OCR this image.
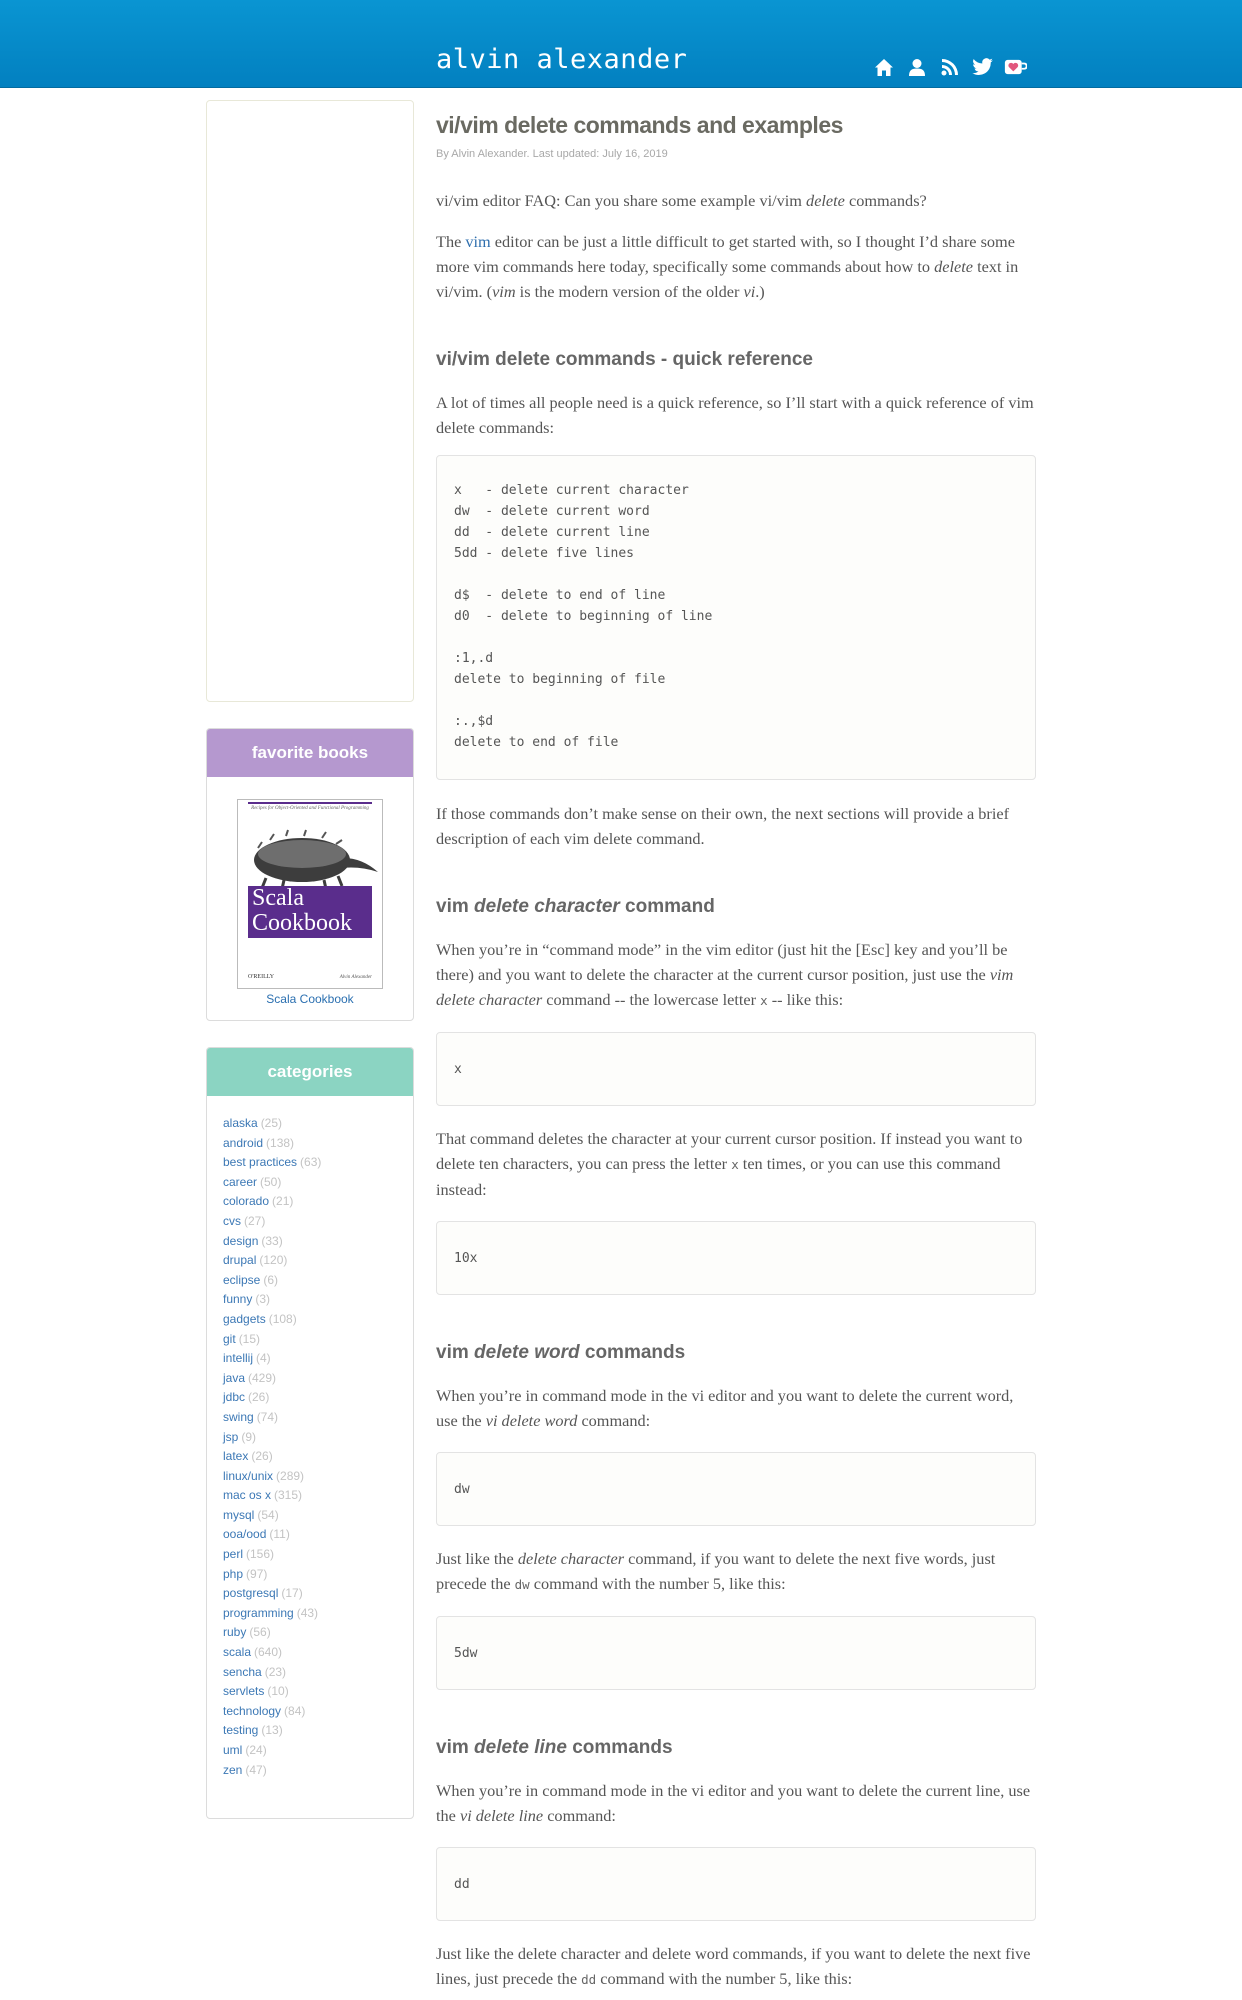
alvin alexander
favorite books
Recipes for Object-Oriented and Functional Programming
Scala Cookbook
O'REILLY	Alvin Alexander
Scala Cookbook
categories
alaska (25)
android (138)
best practices (63)
career (50)
colorado (21)
cvs (27)
design (33)
drupal (120)
eclipse (6)
funny (3)
gadgets (108)
git (15)
intellij (4)
java (429)
jdbc (26)
swing (74)
jsp (9)
latex (26)
linux/unix (289)
mac os x (315)
mysql (54)
ooa/ood (11)
perl (156)
php (97)
postgresql (17)
programming (43)
ruby (56)
scala (640)
sencha (23)
servlets (10)
technology (84)
testing (13)
uml (24)
zen (47)
vi/vim delete commands and examples
By Alvin Alexander. Last updated: July 16, 2019

vi/vim editor FAQ: Can you share some example vi/vim delete commands?

The vim editor can be just a little difficult to get started with, so I thought I’d share some more vim commands here today, specifically some commands about how to delete text in vi/vim. (vim is the modern version of the older vi.)

vi/vim delete commands - quick reference

A lot of times all people need is a quick reference, so I’ll start with a quick reference of vim delete commands:

x   - delete current character
dw  - delete current word
dd  - delete current line
5dd - delete five lines
d$  - delete to end of line
d0  - delete to beginning of line
:1,.d
delete to beginning of file
:.,$d
delete to end of file

If those commands don’t make sense on their own, the next sections will provide a brief description of each vim delete command.

vim delete character command

When you’re in “command mode” in the vim editor (just hit the [Esc] key and you’ll be there) and you want to delete the character at the current cursor position, just use the vim delete character command -- the lowercase letter x -- like this:

x

That command deletes the character at your current cursor position. If instead you want to delete ten characters, you can press the letter x ten times, or you can use this command instead:

10x
vim delete word commands

When you’re in command mode in the vi editor and you want to delete the current word, use the vi delete word command:

dw

Just like the delete character command, if you want to delete the next five words, just precede the dw command with the number 5, like this:

5dw
vim delete line commands

When you’re in command mode in the vi editor and you want to delete the current line, use the vi delete line command:

dd

Just like the delete character and delete word commands, if you want to delete the next five lines, just precede the dd command with the number 5, like this:
